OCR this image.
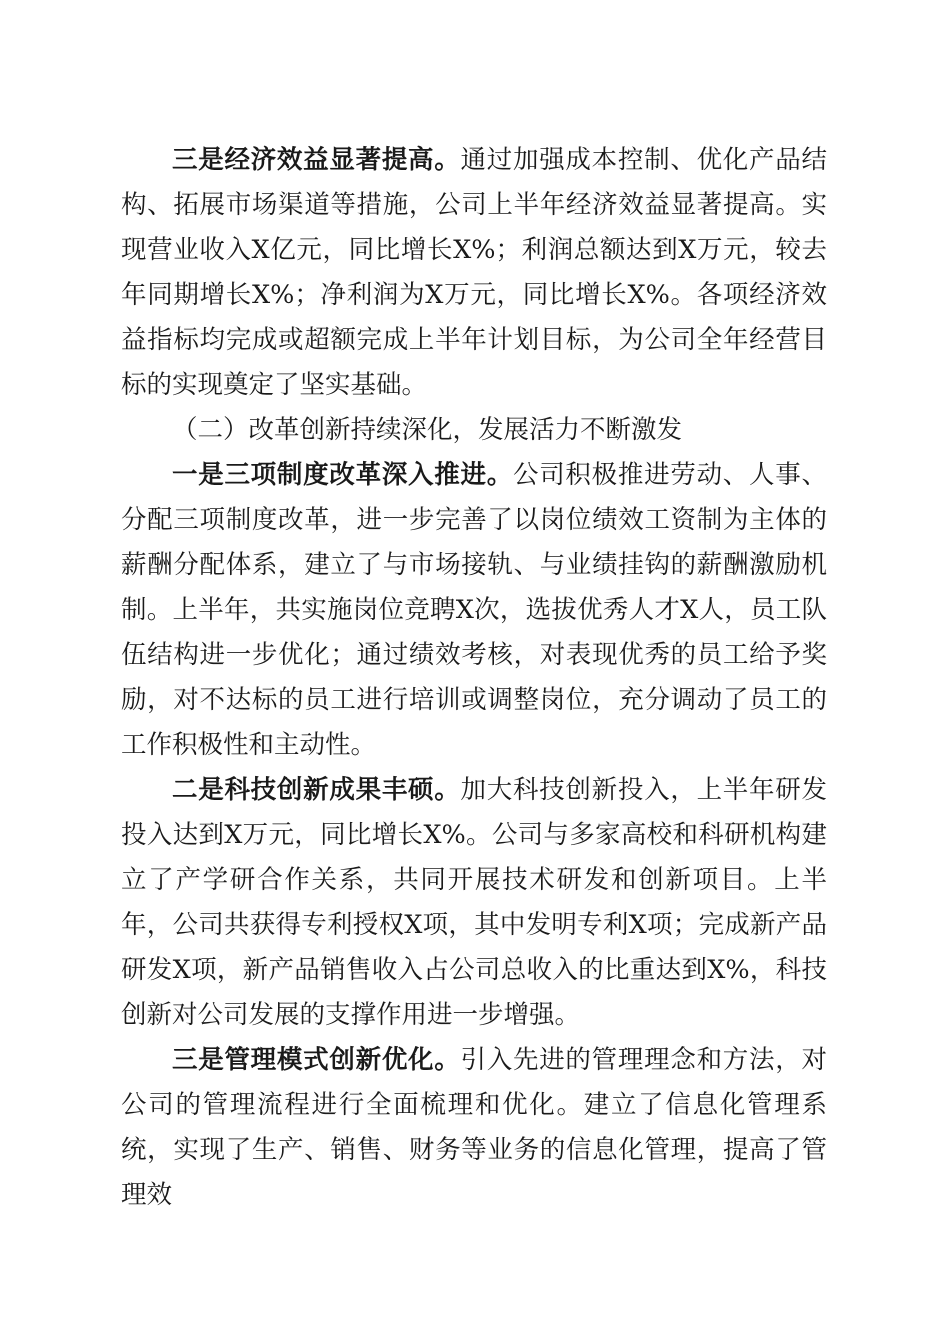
三是经济效益显著提高。通过加强成本控制、优化产品结构、拓展市场渠道等措施，公司上半年经济效益显著提高。实现营业收入X亿元，同比增长X%；利润总额达到X万元，较去年同期增长X%；净利润为X万元，同比增长X%。各项经济效益指标均完成或超额完成上半年计划目标，为公司全年经营目标的实现奠定了坚实基础。

（二）改革创新持续深化，发展活力不断激发

一是三项制度改革深入推进。公司积极推进劳动、人事、分配三项制度改革，进一步完善了以岗位绩效工资制为主体的薪酬分配体系，建立了与市场接轨、与业绩挂钩的薪酬激励机制。上半年，共实施岗位竞聘X次，选拔优秀人才X人，员工队伍结构进一步优化；通过绩效考核，对表现优秀的员工给予奖励，对不达标的员工进行培训或调整岗位，充分调动了员工的工作积极性和主动性。

二是科技创新成果丰硕。加大科技创新投入，上半年研发投入达到X万元，同比增长X%。公司与多家高校和科研机构建立了产学研合作关系，共同开展技术研发和创新项目。上半年，公司共获得专利授权X项，其中发明专利X项；完成新产品研发X项，新产品销售收入占公司总收入的比重达到X%，科技创新对公司发展的支撑作用进一步增强。

三是管理模式创新优化。引入先进的管理理念和方法，对公司的管理流程进行全面梳理和优化。建立了信息化管理系统，实现了生产、销售、财务等业务的信息化管理，提高了管理效
